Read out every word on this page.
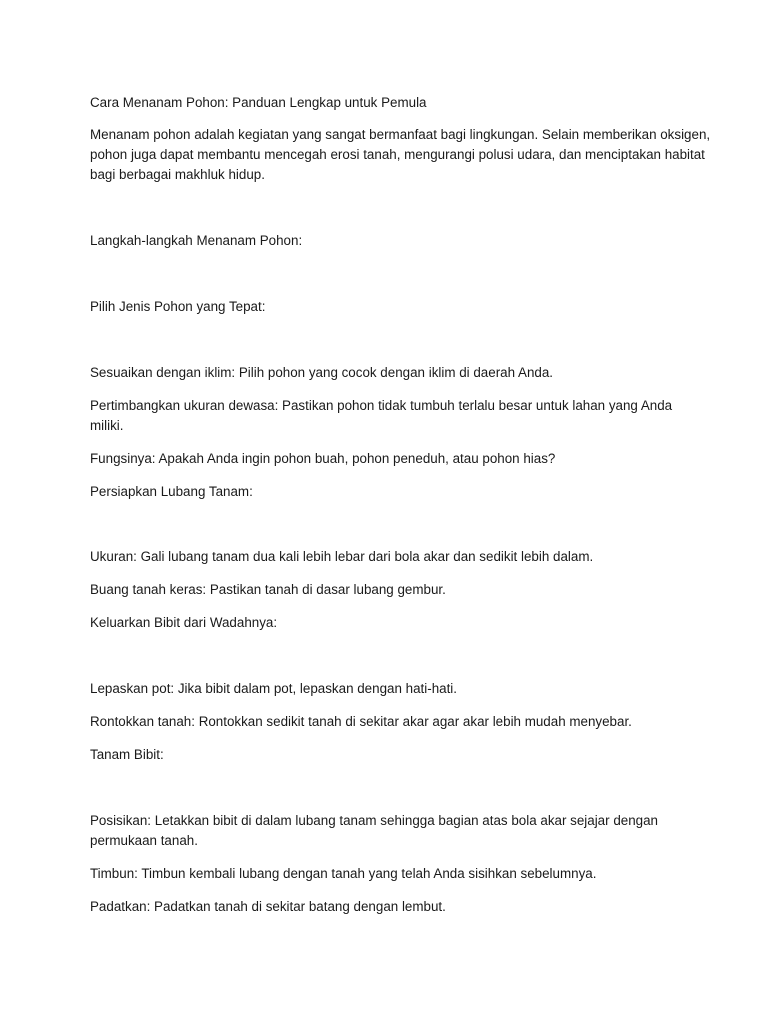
Cara Menanam Pohon: Panduan Lengkap untuk Pemula
Menanam pohon adalah kegiatan yang sangat bermanfaat bagi lingkungan. Selain memberikan oksigen,
pohon juga dapat membantu mencegah erosi tanah, mengurangi polusi udara, dan menciptakan habitat
bagi berbagai makhluk hidup.
Langkah-langkah Menanam Pohon:
Pilih Jenis Pohon yang Tepat:
Sesuaikan dengan iklim: Pilih pohon yang cocok dengan iklim di daerah Anda.
Pertimbangkan ukuran dewasa: Pastikan pohon tidak tumbuh terlalu besar untuk lahan yang Anda
miliki.
Fungsinya: Apakah Anda ingin pohon buah, pohon peneduh, atau pohon hias?
Persiapkan Lubang Tanam:
Ukuran: Gali lubang tanam dua kali lebih lebar dari bola akar dan sedikit lebih dalam.
Buang tanah keras: Pastikan tanah di dasar lubang gembur.
Keluarkan Bibit dari Wadahnya:
Lepaskan pot: Jika bibit dalam pot, lepaskan dengan hati-hati.
Rontokkan tanah: Rontokkan sedikit tanah di sekitar akar agar akar lebih mudah menyebar.
Tanam Bibit:
Posisikan: Letakkan bibit di dalam lubang tanam sehingga bagian atas bola akar sejajar dengan
permukaan tanah.
Timbun: Timbun kembali lubang dengan tanah yang telah Anda sisihkan sebelumnya.
Padatkan: Padatkan tanah di sekitar batang dengan lembut.
